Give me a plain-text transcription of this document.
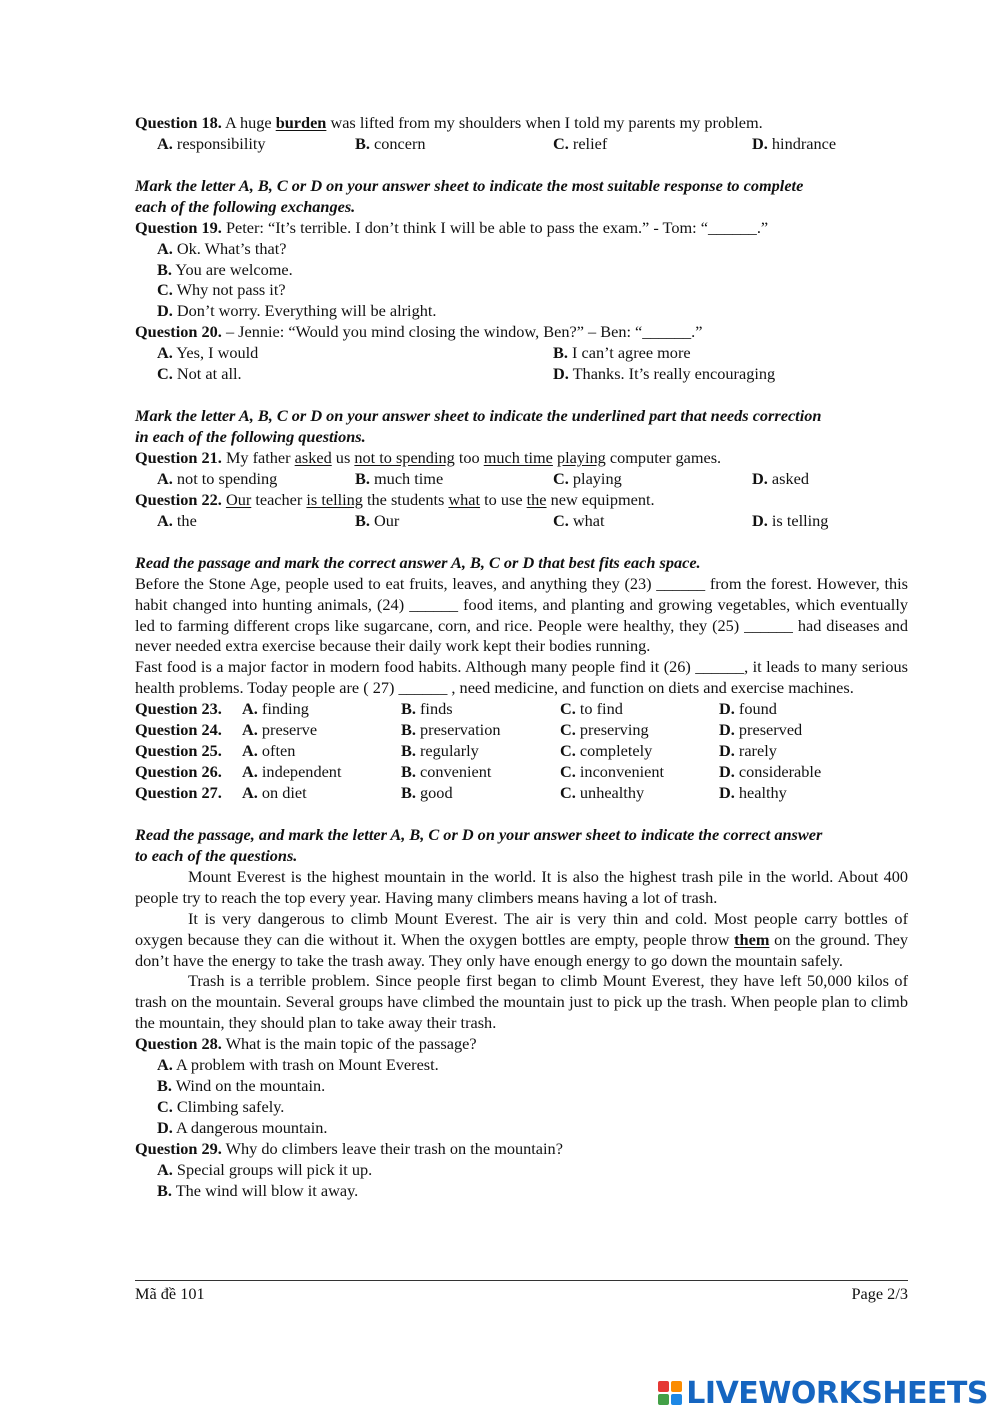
Question 18. A huge burden was lifted from my shoulders when I told my parents my problem.
A. responsibility	B. concern	C. relief	D. hindrance
Mark the letter A, B, C or D on your answer sheet to indicate the most suitable response to complete
each of the following exchanges.
Question 19. Peter: “It’s terrible. I don’t think I will be able to pass the exam.” - Tom: “______.”
A. Ok. What’s that?
B. You are welcome.
C. Why not pass it?
D. Don’t worry. Everything will be alright.
Question 20. – Jennie: “Would you mind closing the window, Ben?” – Ben: “______.”
A. Yes, I would	B. I can’t agree more
C. Not at all.	D. Thanks. It’s really encouraging
Mark the letter A, B, C or D on your answer sheet to indicate the underlined part that needs correction
in each of the following questions.
Question 21. My father asked us not to spending too much time playing computer games.
A. not to spending	B. much time	C. playing	D. asked
Question 22. Our teacher is telling the students what to use the new equipment.
A. the	B. Our	C. what	D. is telling
Read the passage and mark the correct answer A, B, C or D that best fits each space.
Before the Stone Age, people used to eat fruits, leaves, and anything they (23) ______ from the forest. However, this habit changed into hunting animals, (24) ______ food items, and planting and growing vegetables, which eventually led to farming different crops like sugarcane, corn, and rice. People were healthy, they (25) ______ had diseases and never needed extra exercise because their daily work kept their bodies running.
Fast food is a major factor in modern food habits. Although many people find it (26) ______, it leads to many serious health problems. Today people are ( 27) ______ , need medicine, and function on diets and exercise machines.
Question 23. A. finding	B. finds	C. to find	D. found
Question 24. A. preserve	B. preservation	C. preserving	D. preserved
Question 25. A. often	B. regularly	C. completely	D. rarely
Question 26. A. independent	B. convenient	C. inconvenient	D. considerable
Question 27. A. on diet	B. good	C. unhealthy	D. healthy
Read the passage, and mark the letter A, B, C or D on your answer sheet to indicate the correct answer
to each of the questions.
Mount Everest is the highest mountain in the world. It is also the highest trash pile in the world. About 400 people try to reach the top every year. Having many climbers means having a lot of trash.
It is very dangerous to climb Mount Everest. The air is very thin and cold. Most people carry bottles of oxygen because they can die without it. When the oxygen bottles are empty, people throw them on the ground. They don’t have the energy to take the trash away. They only have enough energy to go down the mountain safely.
Trash is a terrible problem. Since people first began to climb Mount Everest, they have left 50,000 kilos of trash on the mountain. Several groups have climbed the mountain just to pick up the trash. When people plan to climb the mountain, they should plan to take away their trash.
Question 28. What is the main topic of the passage?
A. A problem with trash on Mount Everest.
B. Wind on the mountain.
C. Climbing safely.
D. A dangerous mountain.
Question 29. Why do climbers leave their trash on the mountain?
A. Special groups will pick it up.
B. The wind will blow it away.
Mã đề 101	Page 2/3
LIVEWORKSHEETS
